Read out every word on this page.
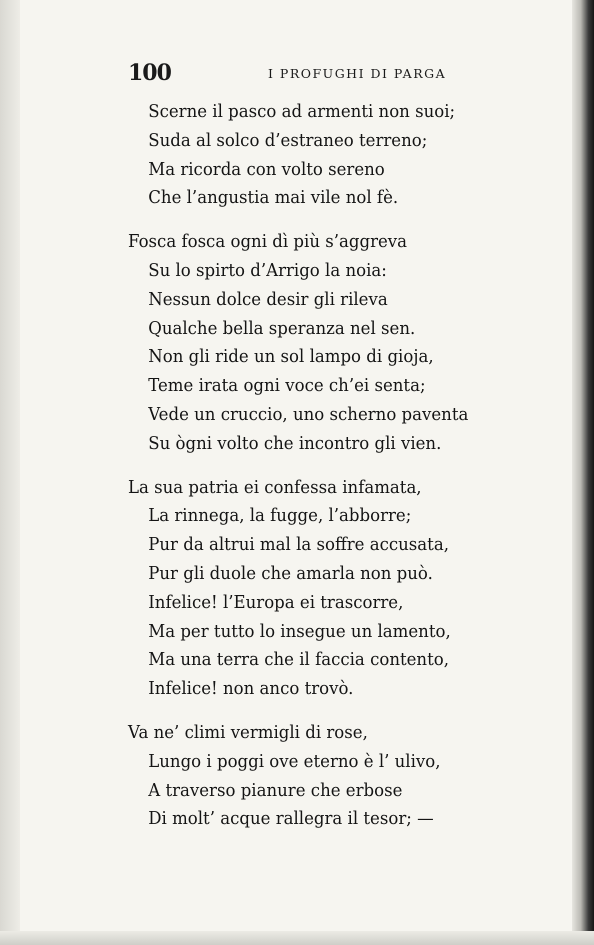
100	I PROFUGHI DI PARGA
Scerne il pasco ad armenti non suoi;
Suda al solco d’estraneo terreno;
Ma ricorda con volto sereno
Che l’angustia mai vile nol fè.
Fosca fosca ogni dì più s’aggreva
Su lo spirto d’Arrigo la noia:
Nessun dolce desir gli rileva
Qualche bella speranza nel sen.
Non gli ride un sol lampo di gioja,
Teme irata ogni voce ch’ei senta;
Vede un cruccio, uno scherno paventa
Su ògni volto che incontro gli vien.
La sua patria ei confessa infamata,
La rinnega, la fugge, l’abborre;
Pur da altrui mal la soffre accusata,
Pur gli duole che amarla non può.
Infelice! l’Europa ei trascorre,
Ma per tutto lo insegue un lamento,
Ma una terra che il faccia contento,
Infelice! non anco trovò.
Va ne’ climi vermigli di rose,
Lungo i poggi ove eterno è l’ ulivo,
A traverso pianure che erbose
Di molt’ acque rallegra il tesor; —
